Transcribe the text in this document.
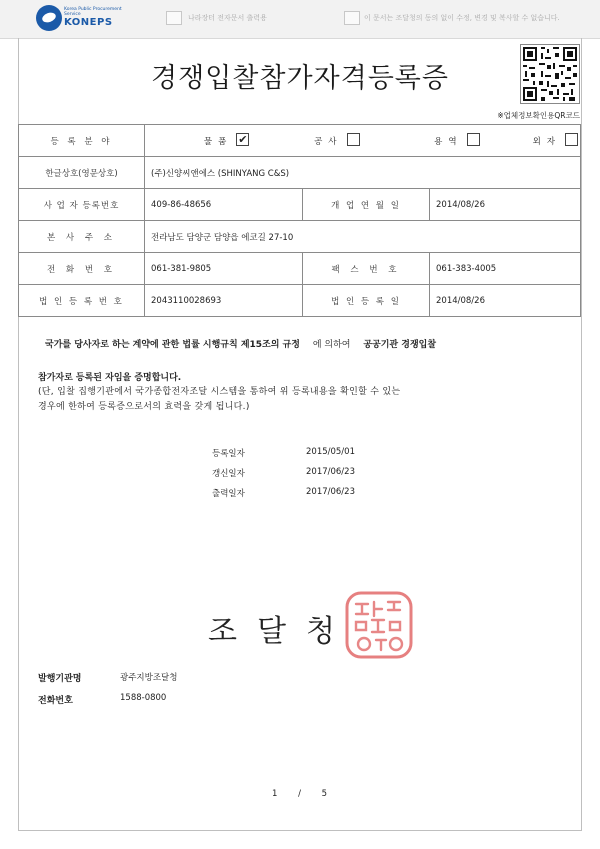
Korea Public Procurement Service
KONEPS	나라장터 전자문서 출력용	이 문서는 조달청의 동의 없이 수정, 변경 및 복사할 수 없습니다.
경쟁입찰참가자격등록증
※업체정보확인용QR코드
등 록 분 야	물품 ✔ 공사 용역 외자		

한글상호(영문상호)	(주)신양씨앤에스 (SHINYANG C&S)		
사 업 자 등록번호	409-86-48656	개 업 연 월 일	2014/08/26
본 사 주 소	전라남도 담양군 담양읍 에코길 27-10		
전 화 번 호	061-381-9805	팩 스 번 호	061-383-4005
법 인 등 록 번 호	2043110028693	법 인 등 록 일	2014/08/26
국가를 당사자로 하는 계약에 관한 법률 시행규칙 제15조의 규정 에 의하여 공공기관 경쟁입찰
참가자로 등록된 자임을 증명합니다.
(단, 입찰 집행기관에서 국가종합전자조달 시스템을 통하여 위 등록내용을 확인할 수 있는
경우에 한하여 등록증으로서의 효력을 갖게 됩니다.)
등록일자	2015/05/01
갱신일자	2017/06/23
출력일자	2017/06/23
조달청
발행기관명	광주지방조달청
전화번호	1588-0800
1 / 5
